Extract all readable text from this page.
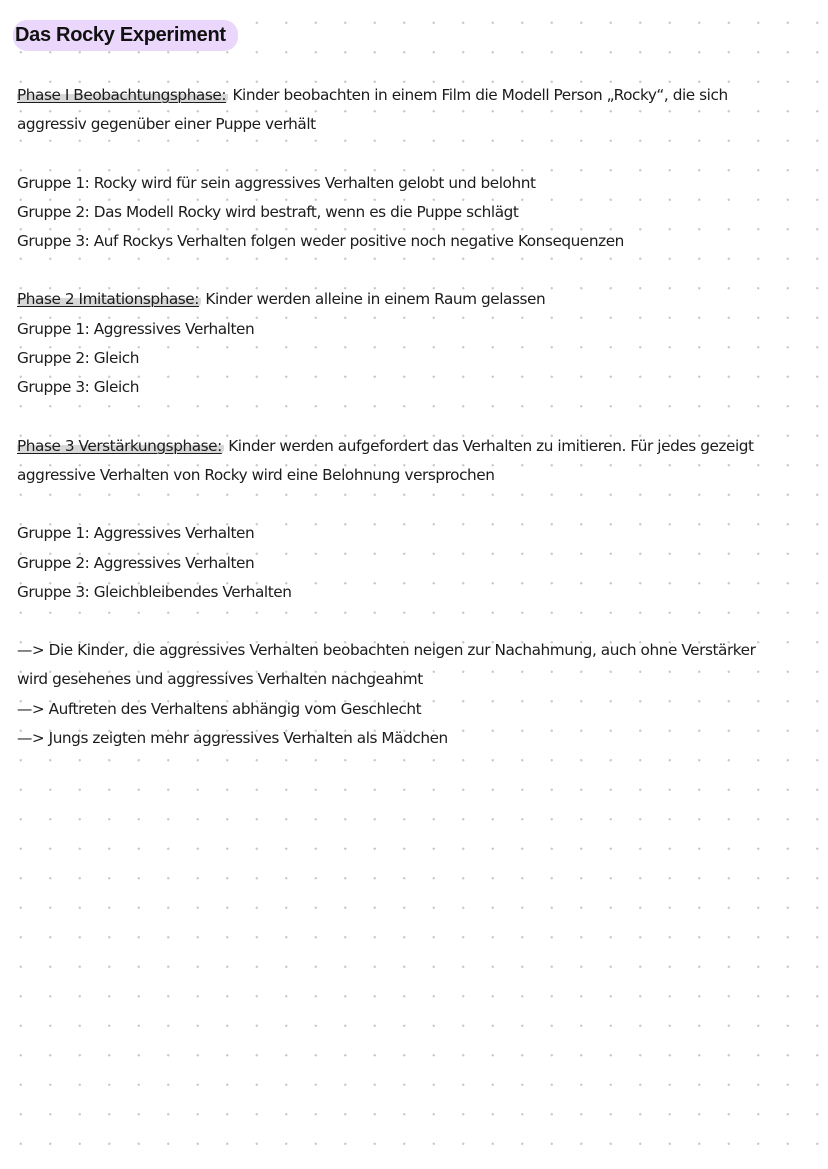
Das Rocky Experiment

Phase I Beobachtungsphase: Kinder beobachten in einem Film die Modell Person „Rocky“, die sich aggressiv gegenüber einer Puppe verhält

Gruppe 1: Rocky wird für sein aggressives Verhalten gelobt und belohnt
Gruppe 2: Das Modell Rocky wird bestraft, wenn es die Puppe schlägt
Gruppe 3: Auf Rockys Verhalten folgen weder positive noch negative Konsequenzen

Phase 2 Imitationsphase: Kinder werden alleine in einem Raum gelassen

Gruppe 1: Aggressives Verhalten
Gruppe 2: Gleich
Gruppe 3: Gleich

Phase 3 Verstärkungsphase: Kinder werden aufgefordert das Verhalten zu imitieren. Für jedes gezeigt aggressive Verhalten von Rocky wird eine Belohnung versprochen

Gruppe 1: Aggressives Verhalten
Gruppe 2: Aggressives Verhalten
Gruppe 3: Gleichbleibendes Verhalten
—> Die Kinder, die aggressives Verhalten beobachten neigen zur Nachahmung, auch ohne Verstärker wird gesehenes und aggressives Verhalten nachgeahmt
—> Auftreten des Verhaltens abhängig vom Geschlecht
—> Jungs zeigten mehr aggressives Verhalten als Mädchen
